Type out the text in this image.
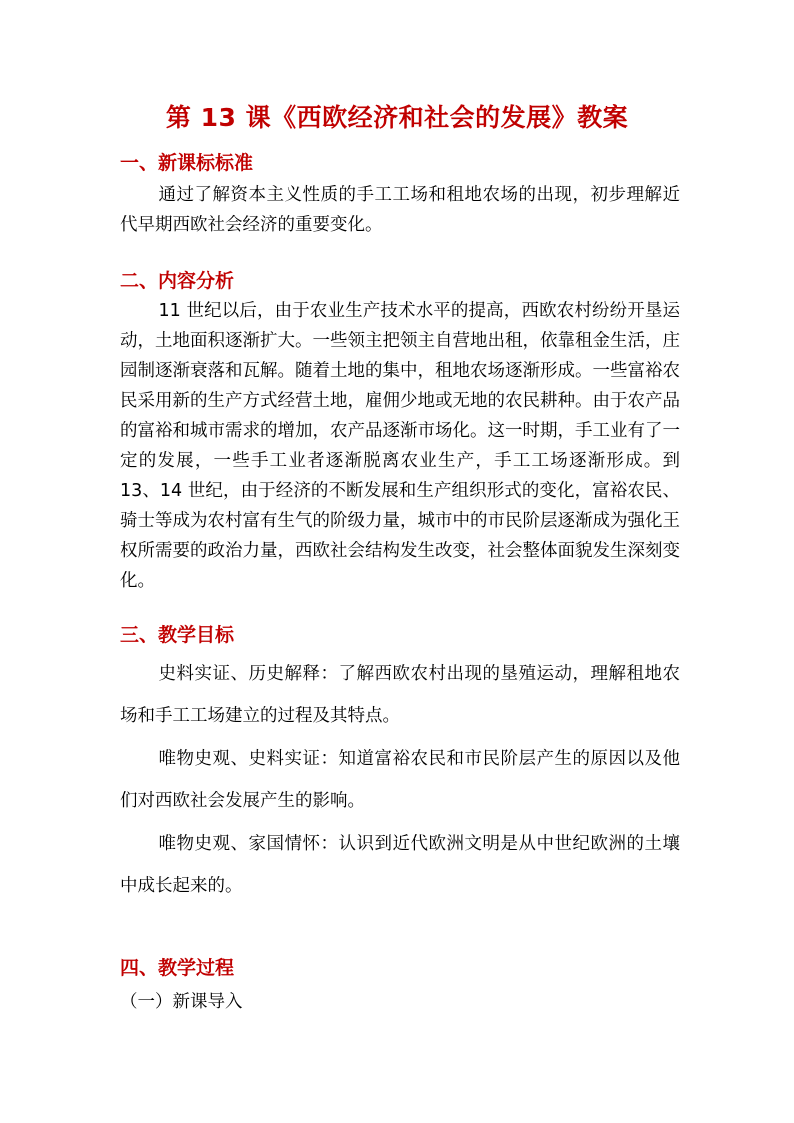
第 13 课《西欧经济和社会的发展》教案
一、新课标标准

通过了解资本主义性质的手工工场和租地农场的出现，初步理解近代早期西欧社会经济的重要变化。

二、内容分析

11 世纪以后，由于农业生产技术水平的提高，西欧农村纷纷开垦运动，土地面积逐渐扩大。一些领主把领主自营地出租，依靠租金生活，庄园制逐渐衰落和瓦解。随着土地的集中，租地农场逐渐形成。一些富裕农民采用新的生产方式经营土地，雇佣少地或无地的农民耕种。由于农产品的富裕和城市需求的增加，农产品逐渐市场化。这一时期，手工业有了一定的发展，一些手工业者逐渐脱离农业生产，手工工场逐渐形成。到 13、14 世纪，由于经济的不断发展和生产组织形式的变化，富裕农民、骑士等成为农村富有生气的阶级力量，城市中的市民阶层逐渐成为强化王权所需要的政治力量，西欧社会结构发生改变，社会整体面貌发生深刻变化。

三、教学目标

史料实证、历史解释：了解西欧农村出现的垦殖运动，理解租地农场和手工工场建立的过程及其特点。

唯物史观、史料实证：知道富裕农民和市民阶层产生的原因以及他们对西欧社会发展产生的影响。

唯物史观、家国情怀：认识到近代欧洲文明是从中世纪欧洲的土壤中成长起来的。

四、教学过程
（一）新课导入
